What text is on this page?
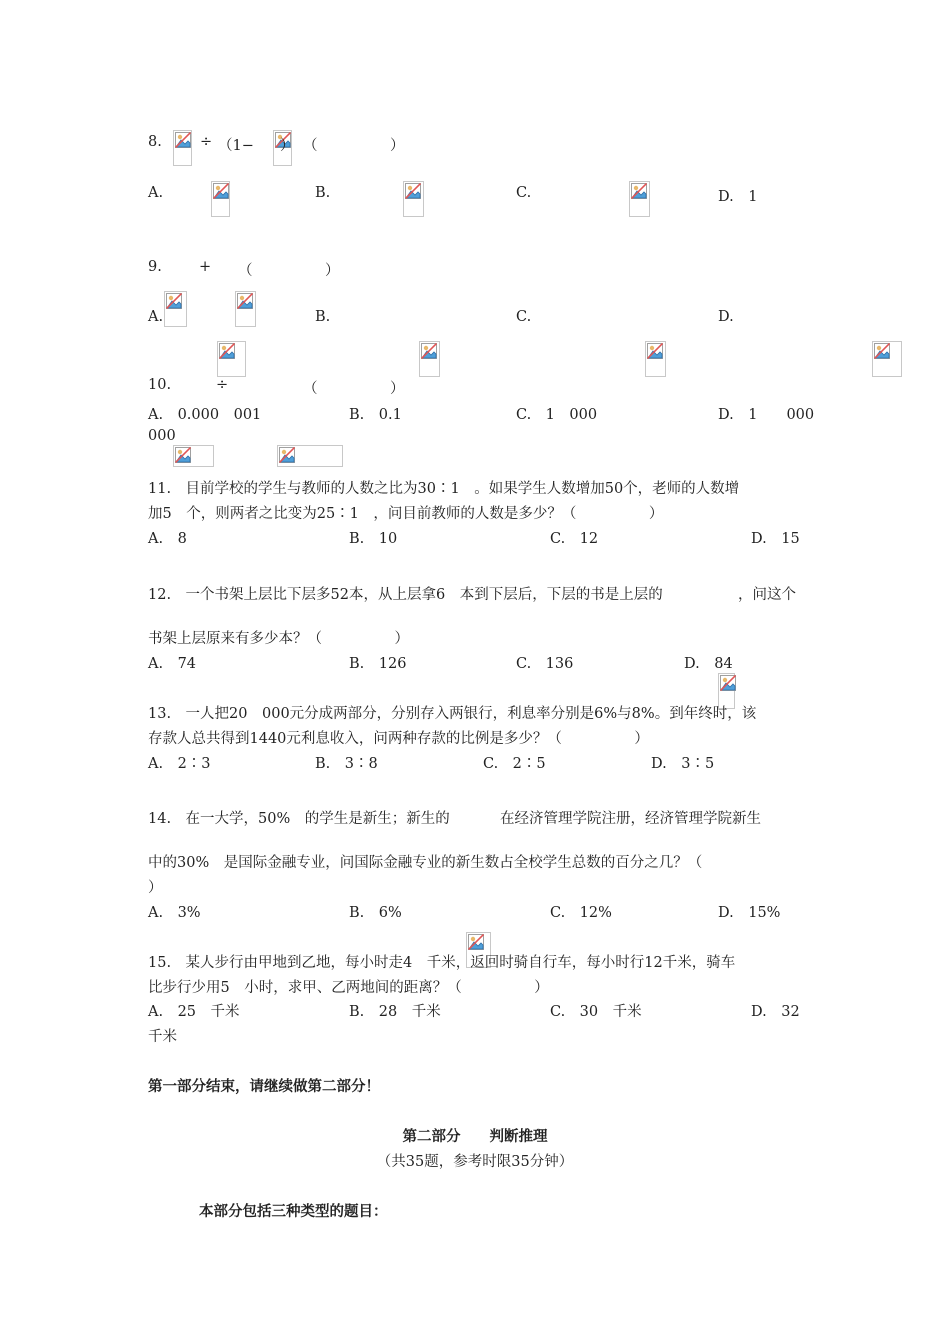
8.
	÷ （1−
） （　　　　　）
A.
	B.
	C.	D.　1
9.
	+
（　　　　　）
A.
	B.
	C.
	D.
10.
	÷	（　　　　　）
A.　0.000　001	B.　0.1	C.　1　000	D.　1　　000
000
11.　目前学校的学生与教师的人数之比为30∶1　。如果学生人数增加50个，老师的人数增
加5　个，则两者之比变为25∶1　，问目前教师的人数是多少？（　　　　　）
A.　8	B.　10	C.　12	D.　15
12.　一个书架上层比下层多52本，从上层拿6　本到下层后，下层的书是上层的	，问这个
书架上层原来有多少本？（　　　　　）
A.　74	B.　126	C.　136	D.　84
13.　一人把20　000元分成两部分，分别存入两银行，利息率分别是6%与8%。到年终时，该
存款人总共得到1440元利息收入，问两种存款的比例是多少？（　　　　　）
A.　2∶3	B.　3∶8	C.　2∶5	D.　3∶5
14.　在一大学，50%　的学生是新生；新生的	在经济管理学院注册，经济管理学院新生
中的30%　是国际金融专业，问国际金融专业的新生数占全校学生总数的百分之几？（
）
A.　3%	B.　6%	C.　12%	D.　15%
15.　某人步行由甲地到乙地，每小时走4　千米，返回时骑自行车，每小时行12千米，骑车
比步行少用5　小时，求甲、乙两地间的距离？（　　　　　）
A.　25　千米	B.　28　千米	C.　30　千米	D.　32
千米
第一部分结束，请继续做第二部分！
第二部分　　判断推理
（共35题，参考时限35分钟）
本部分包括三种类型的题目：
